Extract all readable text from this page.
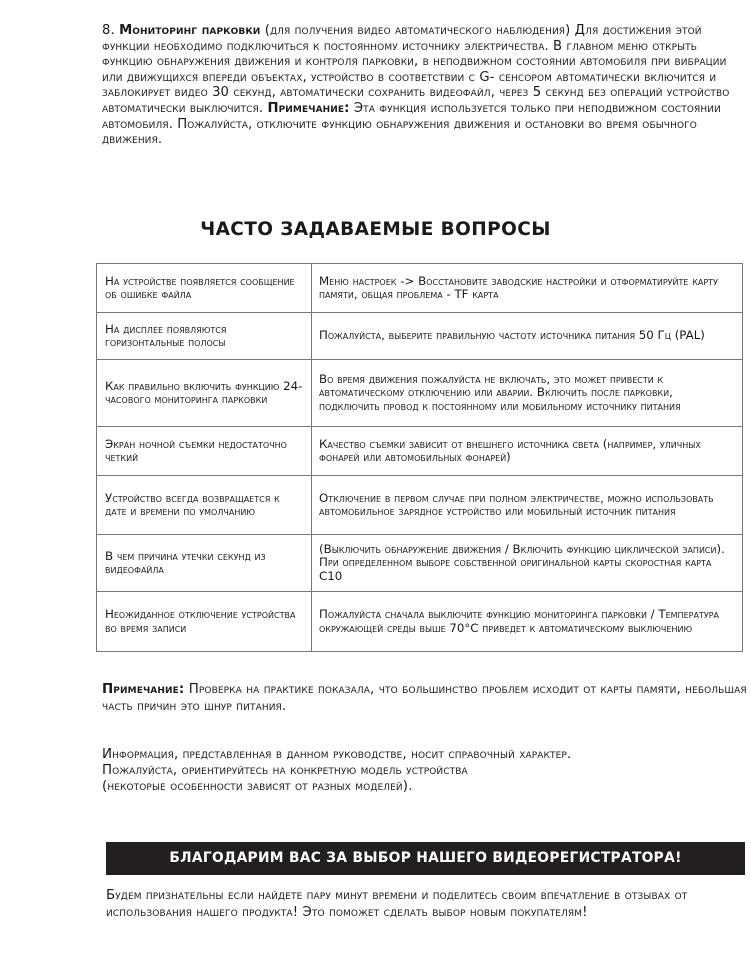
8. Мониторинг парковки (для получения видео автоматического наблюдения) Для достижения этой функции необходимо подключиться к постоянному источнику электричества. В главном меню открыть функцию обнаружения движения и контроля парковки, в неподвижном состоянии автомобиля при вибрации или движущихся впереди объектах, устройство в соответствии с G- сенсором автоматически включится и заблокирует видео 30 секунд, автоматически сохранить видеофайл, через 5 секунд без операций устройство автоматически выключится. Примечание: Эта функция используется только при неподвижном состоянии автомобиля. Пожалуйста, отключите функцию обнаружения движения и остановки во время обычного движения.
ЧАСТО ЗАДАВАЕМЫЕ ВОПРОСЫ
На устройстве появляется сообщение об ошибке файла	Меню настроек -> Восстановите заводские настройки и отформатируйте карту памяти, общая проблема - TF карта
На дисплее появляются горизонтальные полосы	Пожалуйста, выберите правильную частоту источника питания 50 Гц (PAL)
Как правильно включить функцию 24-часового мониторинга парковки	Во время движения пожалуйста не включать, это может привести к автоматическому отключению или аварии. Включить после парковки, подключить провод к постоянному или мобильному источнику питания
Экран ночной съемки недостаточно четкий	Качество съемки зависит от внешнего источника света (например, уличных фонарей или автомобильных фонарей)
Устройство всегда возвращается к дате и времени по умолчанию	Отключение в первом случае при полном электричестве, можно использовать автомобильное зарядное устройство или мобильный источник питания
В чем причина утечки секунд из видеофайла	(Выключить обнаружение движения / Включить функцию циклической записи). При определенном выборе собственной оригинальной карты скоростная карта C10
Неожиданное отключение устройства во время записи	Пожалуйста сначала выключите функцию мониторинга парковки / Температура окружающей среды выше 70°C приведет к автоматическому выключению
Примечание: Проверка на практике показала, что большинство проблем исходит от карты памяти, небольшая часть причин это шнур питания.
Информация, представленная в данном руководстве, носит справочный характер.
Пожалуйста, ориентируйтесь на конкретную модель устройства
(некоторые особенности зависят от разных моделей).
БЛАГОДАРИМ ВАС ЗА ВЫБОР НАШЕГО ВИДЕОРЕГИСТРАТОРА!
Будем признательны если найдете пару минут времени и поделитесь своим впечатление в отзывах от использования нашего продукта! Это поможет сделать выбор новым покупателям!
